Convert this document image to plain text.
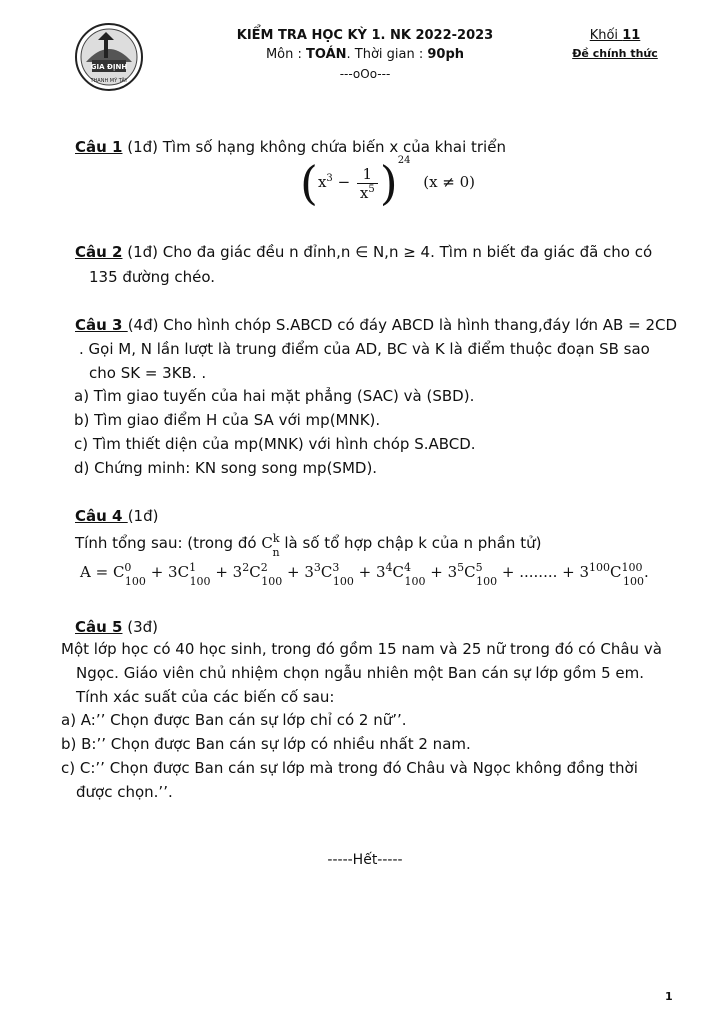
GIA ĐỊNH
THANH MỸ TÂY
KIỂM TRA HỌC KỲ 1. NK 2022-2023
Môn : TOÁN. Thời gian : 90ph
---oOo---
Khối 11
Đề chính thức
Câu 1 (1đ) Tìm số hạng không chứa biến x của khai triển
$(x^3 - \frac{1}{x^5} )^{24}$ (x ≠ 0)
Câu 2 (1đ) Cho đa giác đều n đỉnh,n ∈ N,n ≥ 4. Tìm n biết đa giác đã cho có
135 đường chéo.
Câu 3 (4đ) Cho hình chóp S.ABCD có đáy ABCD là hình thang,đáy lớn AB = 2CD
. Gọi M, N lần lượt là trung điểm của AD, BC và K là điểm thuộc đoạn SB sao
cho SK = 3KB. .
a) Tìm giao tuyến của hai mặt phẳng (SAC) và (SBD).
b) Tìm giao điểm H của SA với mp(MNK).
c) Tìm thiết diện của mp(MNK) với hình chóp S.ABCD.
d) Chứng minh: KN song song mp(SMD).
Câu 4 (1đ)
Tính tổng sau: (trong đó $C^k_n$ là số tổ hợp chập k của n phần tử)
$A = C^0_{100} + 3C^1_{100} + 3^2C^2_{100} + 3^3C^3_{100} + 3^4C^4_{100} + 3^5C^5_{100}$ + ........ + $3^{100}C^{100}_{100}$.
Câu 5 (3đ)
Một lớp học có 40 học sinh, trong đó gồm 15 nam và 25 nữ trong đó có Châu và
Ngọc. Giáo viên chủ nhiệm chọn ngẫu nhiên một Ban cán sự lớp gồm 5 em.
Tính xác suất của các biến cố sau:
a) A:’’ Chọn được Ban cán sự lớp chỉ có 2 nữ’’.
b) B:’’ Chọn được Ban cán sự lớp có nhiều nhất 2 nam.
c) C:’’ Chọn được Ban cán sự lớp mà trong đó Châu và Ngọc không đồng thời
được chọn.’’.
-----Hết-----
1
